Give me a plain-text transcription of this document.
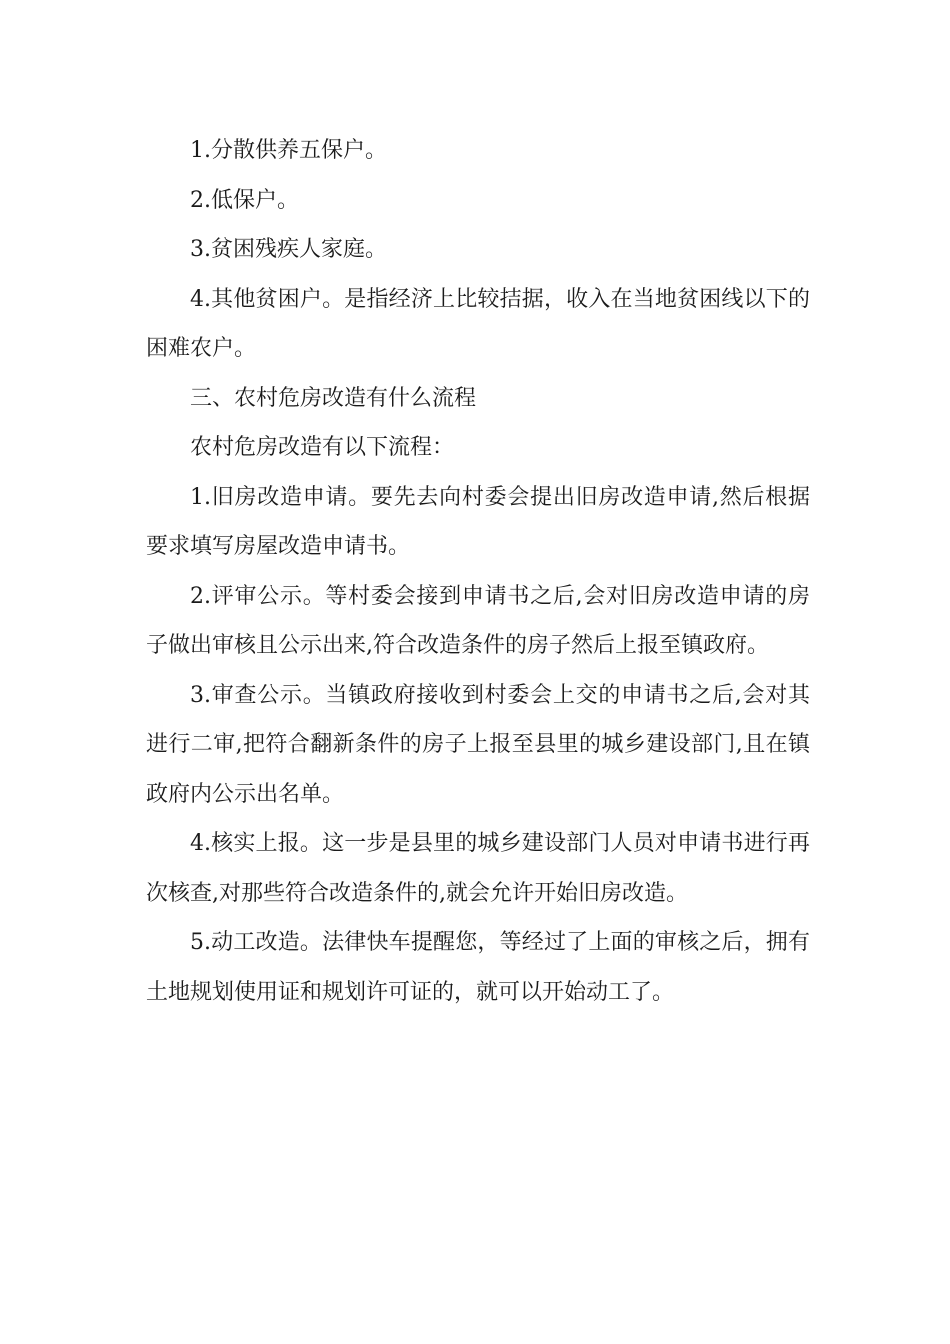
1.分散供养五保户。

2.低保户。

3.贫困残疾人家庭。

4.其他贫困户。是指经济上比较拮据，收入在当地贫困线以下的困难农户。

三、农村危房改造有什么流程

农村危房改造有以下流程：

1.旧房改造申请。要先去向村委会提出旧房改造申请,然后根据要求填写房屋改造申请书。

2.评审公示。等村委会接到申请书之后,会对旧房改造申请的房子做出审核且公示出来,符合改造条件的房子然后上报至镇政府。

3.审查公示。当镇政府接收到村委会上交的申请书之后,会对其进行二审,把符合翻新条件的房子上报至县里的城乡建设部门,且在镇政府内公示出名单。

4.核实上报。这一步是县里的城乡建设部门人员对申请书进行再次核查,对那些符合改造条件的,就会允许开始旧房改造。

5.动工改造。法律快车提醒您，等经过了上面的审核之后，拥有土地规划使用证和规划许可证的，就可以开始动工了。
